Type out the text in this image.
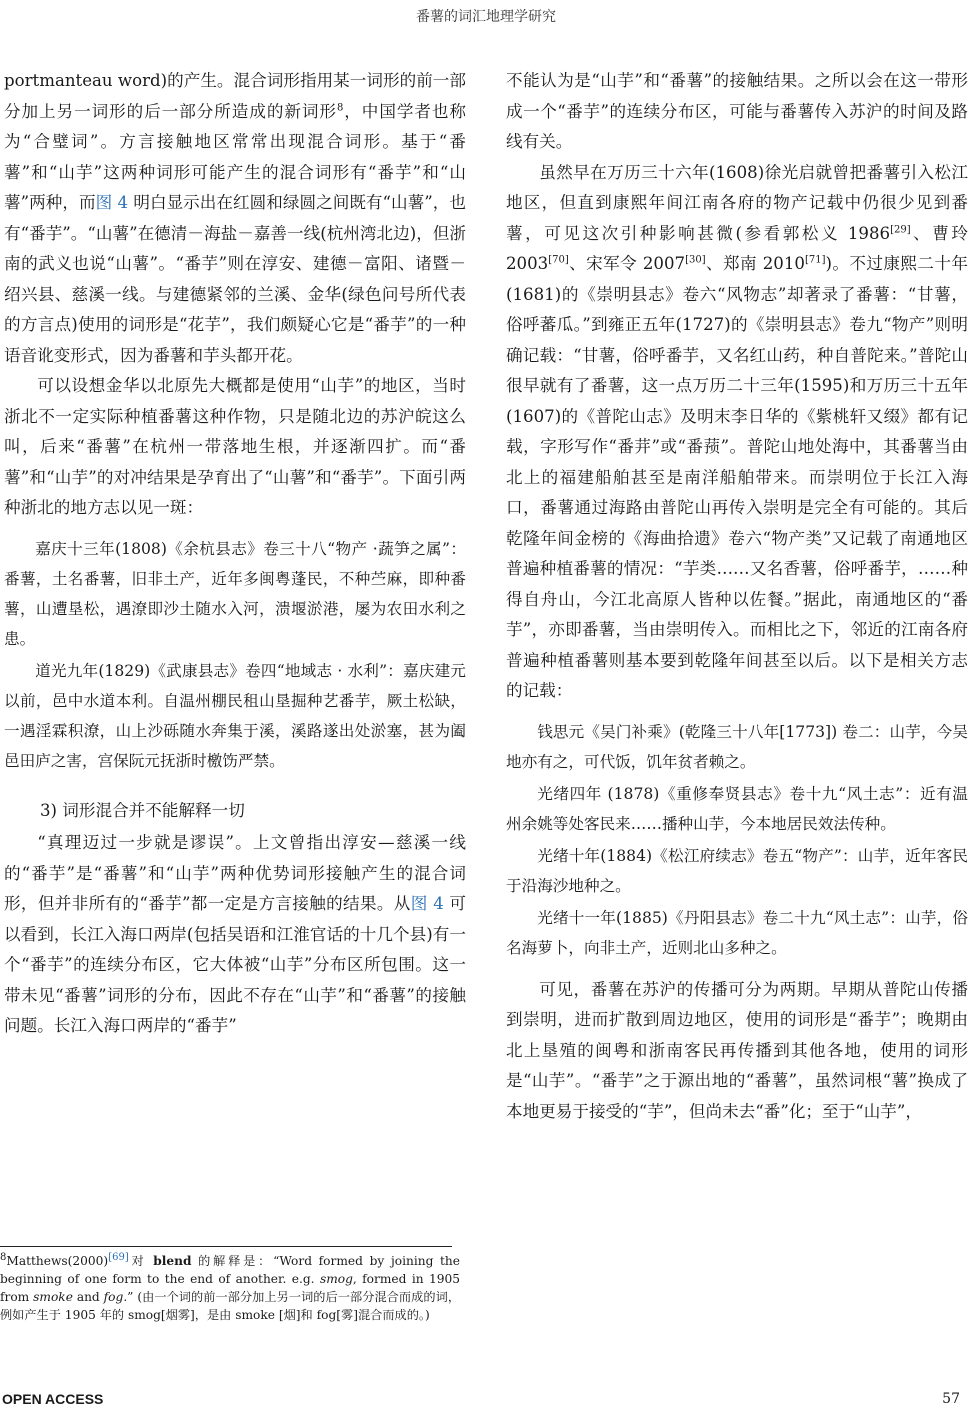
番薯的词汇地理学研究

portmanteau word)的产生。混合词形指用某一词形的前一部分加上另一词形的后一部分所造成的新词形$^8$，中国学者也称为“合璧词”。方言接触地区常常出现混合词形。基于“番薯”和“山芋”这两种词形可能产生的混合词形有“番芋”和“山薯”两种，而图 4 明白显示出在红圆和绿圆之间既有“山薯”，也有“番芋”。“山薯”在德清－海盐－嘉善一线(杭州湾北边)，但浙南的武义也说“山薯”。“番芋”则在淳安、建德－富阳、诸暨－绍兴县、慈溪一线。与建德紧邻的兰溪、金华(绿色问号所代表的方言点)使用的词形是“花芋”，我们颇疑心它是“番芋”的一种语音讹变形式，因为番薯和芋头都开花。

可以设想金华以北原先大概都是使用“山芋”的地区，当时浙北不一定实际种植番薯这种作物，只是随北边的苏沪皖这么叫，后来“番薯”在杭州一带落地生根，并逐渐四扩。而“番薯”和“山芋”的对冲结果是孕育出了“山薯”和“番芋”。下面引两种浙北的地方志以见一斑：

嘉庆十三年(1808)《余杭县志》卷三十八“物产 ·蔬笋之属”：番薯，土名番薯，旧非土产，近年多闽粤蓬民，不种苎麻，即种番薯，山遭垦松，遇潦即沙土随水入河，溃堰淤港，屡为农田水利之患。

道光九年(1829)《武康县志》卷四“地域志 · 水利”：嘉庆建元以前，邑中水道本利。自温州棚民租山垦掘种艺番芋，厥土松缺，一遇淫霖积潦，山上沙砾随水奔集于溪，溪路遂出处淤塞，甚为阖邑田庐之害，宫保阮元抚浙时檄饬严禁。

3) 词形混合并不能解释一切

“真理迈过一步就是谬误”。上文曾指出淳安—慈溪一线的“番芋”是“番薯”和“山芋”两种优势词形接触产生的混合词形，但并非所有的“番芋”都一定是方言接触的结果。从图 4 可以看到，长江入海口两岸(包括吴语和江淮官话的十几个县)有一个“番芋”的连续分布区，它大体被“山芋”分布区所包围。这一带未见“番薯”词形的分布，因此不存在“山芋”和“番薯”的接触问题。长江入海口两岸的“番芋”

$^8$Matthews(2000)[69]对 blend 的解释是：“Word formed by joining the beginning of one form to the end of another. e.g. smog, formed in 1905 from smoke and fog.” (由一个词的前一部分加上另一词的后一部分混合而成的词，例如产生于 1905 年的 smog[烟雾]，是由 smoke [烟]和 fog[雾]混合而成的。)

不能认为是“山芋”和“番薯”的接触结果。之所以会在这一带形成一个“番芋”的连续分布区，可能与番薯传入苏沪的时间及路线有关。

虽然早在万历三十六年(1608)徐光启就曾把番薯引入松江地区，但直到康熙年间江南各府的物产记载中仍很少见到番薯，可见这次引种影响甚微(参看郭松义 1986[29]、曹玲 2003[70]、宋军令 2007[30]、郑南 2010[71])。不过康熙二十年(1681)的《崇明县志》卷六“风物志”却著录了番薯：“甘薯，俗呼蕃瓜。”到雍正五年(1727)的《崇明县志》卷九“物产”则明确记载：“甘薯，俗呼番芋，又名红山药，种自普陀来。”普陀山很早就有了番薯，这一点万历二十三年(1595)和万历三十五年(1607)的《普陀山志》及明末李日华的《紫桃轩又缀》都有记载，字形写作“番茾”或“番蓣”。普陀山地处海中，其番薯当由北上的福建船舶甚至是南洋船舶带来。而崇明位于长江入海口，番薯通过海路由普陀山再传入崇明是完全有可能的。其后乾隆年间金榜的《海曲拾遗》卷六“物产类”又记载了南通地区普遍种植番薯的情况：“芋类……又名香薯，俗呼番芋，……种得自舟山，今江北高原人皆种以佐餐。”据此，南通地区的“番芋”，亦即番薯，当由崇明传入。而相比之下，邻近的江南各府普遍种植番薯则基本要到乾隆年间甚至以后。以下是相关方志的记载：

钱思元《吴门补乘》(乾隆三十八年[1773]) 卷二：山芋，今吴地亦有之，可代饭，饥年贫者赖之。

光绪四年 (1878)《重修奉贤县志》卷十九“风土志”：近有温州余姚等处客民来……播种山芋，今本地居民效法传种。

光绪十年(1884)《松江府续志》卷五“物产”：山芋，近年客民于沿海沙地种之。

光绪十一年(1885)《丹阳县志》卷二十九“风土志”：山芋，俗名海萝卜，向非土产，近则北山多种之。

可见，番薯在苏沪的传播可分为两期。早期从普陀山传播到崇明，进而扩散到周边地区，使用的词形是“番芋”；晚期由北上垦殖的闽粤和浙南客民再传播到其他各地，使用的词形是“山芋”。“番芋”之于源出地的“番薯”，虽然词根“薯”换成了本地更易于接受的“芋”，但尚未去“番”化；至于“山芋”，

OPEN ACCESS	57
